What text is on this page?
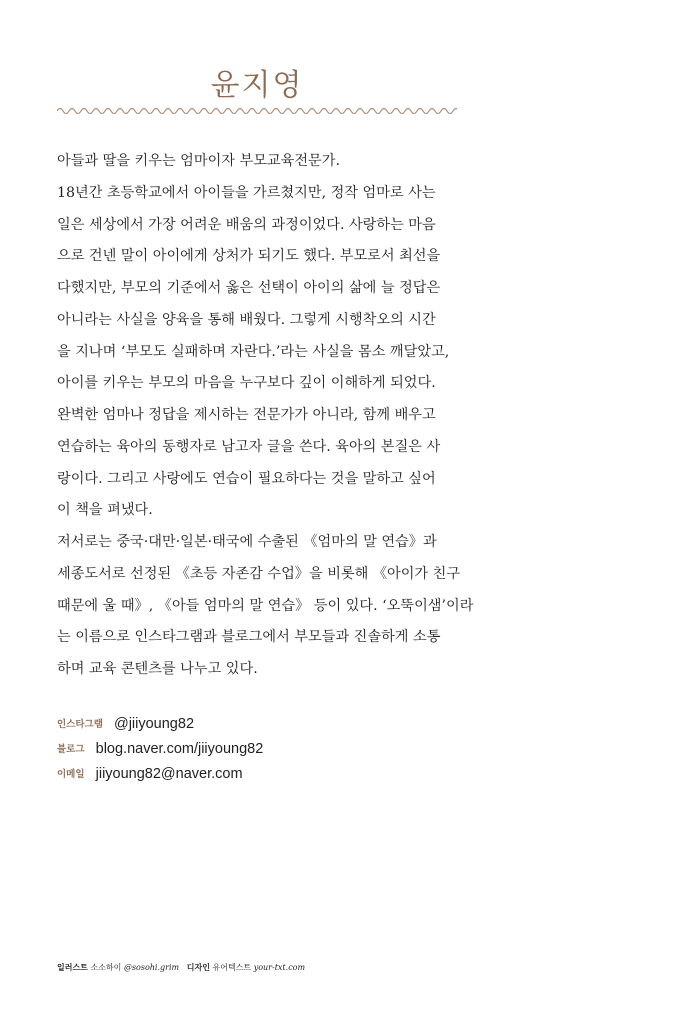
윤지영
아들과 딸을 키우는 엄마이자 부모교육전문가.
18년간 초등학교에서 아이들을 가르쳤지만, 정작 엄마로 사는
일은 세상에서 가장 어려운 배움의 과정이었다. 사랑하는 마음
으로 건넨 말이 아이에게 상처가 되기도 했다. 부모로서 최선을
다했지만, 부모의 기준에서 옳은 선택이 아이의 삶에 늘 정답은
아니라는 사실을 양육을 통해 배웠다. 그렇게 시행착오의 시간
을 지나며 ‘부모도 실패하며 자란다.’라는 사실을 몸소 깨달았고,
아이를 키우는 부모의 마음을 누구보다 깊이 이해하게 되었다.
완벽한 엄마나 정답을 제시하는 전문가가 아니라, 함께 배우고
연습하는 육아의 동행자로 남고자 글을 쓴다. 육아의 본질은 사
랑이다. 그리고 사랑에도 연습이 필요하다는 것을 말하고 싶어
이 책을 펴냈다.
저서로는 중국·대만·일본·태국에 수출된 《엄마의 말 연습》과
세종도서로 선정된 《초등 자존감 수업》을 비롯해 《아이가 친구
때문에 울 때》, 《아들 엄마의 말 연습》 등이 있다. ‘오뚝이샘’이라
는 이름으로 인스타그램과 블로그에서 부모들과 진솔하게 소통
하며 교육 콘텐츠를 나누고 있다.
인스타그램 @jiiyoung82
블로그 blog.naver.com/jiiyoung82
이메일 jiiyoung82@naver.com
일러스트 소소하이 @sosohi.grim 디자인 유어텍스트 your-txt.com
